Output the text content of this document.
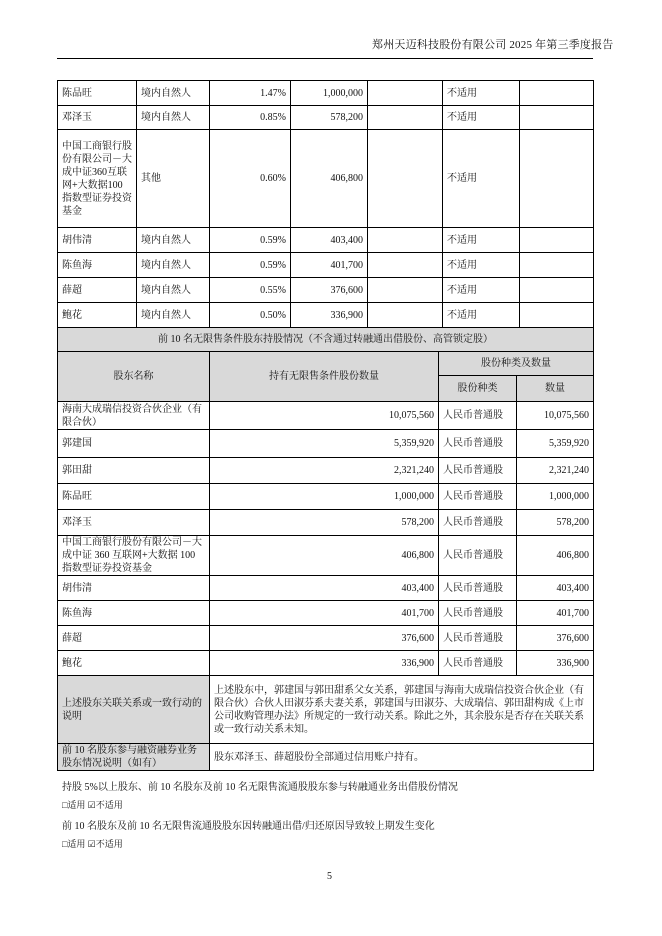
郑州天迈科技股份有限公司 2025 年第三季度报告
陈品旺	境内自然人	1.47%	1,000,000		不适用	
邓泽玉	境内自然人	0.85%	578,200		不适用	
中国工商银行股份有限公司－大成中证360互联网+大数据100指数型证券投资基金	其他	0.60%	406,800		不适用	
胡伟清	境内自然人	0.59%	403,400		不适用	
陈鱼海	境内自然人	0.59%	401,700		不适用	
薛超	境内自然人	0.55%	376,600		不适用	
鲍花	境内自然人	0.50%	336,900		不适用	
前 10 名无限售条件股东持股情况（不含通过转融通出借股份、高管锁定股）			
股东名称	持有无限售条件股份数量	股份种类及数量	
		股份种类	数量
海南大成瑞信投资合伙企业（有限合伙）	10,075,560	人民币普通股	10,075,560
郭建国	5,359,920	人民币普通股	5,359,920
郭田甜	2,321,240	人民币普通股	2,321,240
陈品旺	1,000,000	人民币普通股	1,000,000
邓泽玉	578,200	人民币普通股	578,200
中国工商银行股份有限公司－大成中证 360 互联网+大数据 100 指数型证券投资基金	406,800	人民币普通股	406,800
胡伟清	403,400	人民币普通股	403,400
陈鱼海	401,700	人民币普通股	401,700
薛超	376,600	人民币普通股	376,600
鲍花	336,900	人民币普通股	336,900
上述股东关联关系或一致行动的说明	上述股东中，郭建国与郭田甜系父女关系，郭建国与海南大成瑞信投资合伙企业（有限合伙）合伙人田淑芬系夫妻关系，郭建国与田淑芬、大成瑞信、郭田甜构成《上市公司收购管理办法》所规定的一致行动关系。除此之外，其余股东是否存在关联关系或一致行动关系未知。		
前 10 名股东参与融资融券业务股东情况说明（如有）	股东邓泽玉、薛超股份全部通过信用账户持有。		
持股 5%以上股东、前 10 名股东及前 10 名无限售流通股股东参与转融通业务出借股份情况
□适用 ☑不适用
前 10 名股东及前 10 名无限售流通股股东因转融通出借/归还原因导致较上期发生变化
□适用 ☑不适用
5
